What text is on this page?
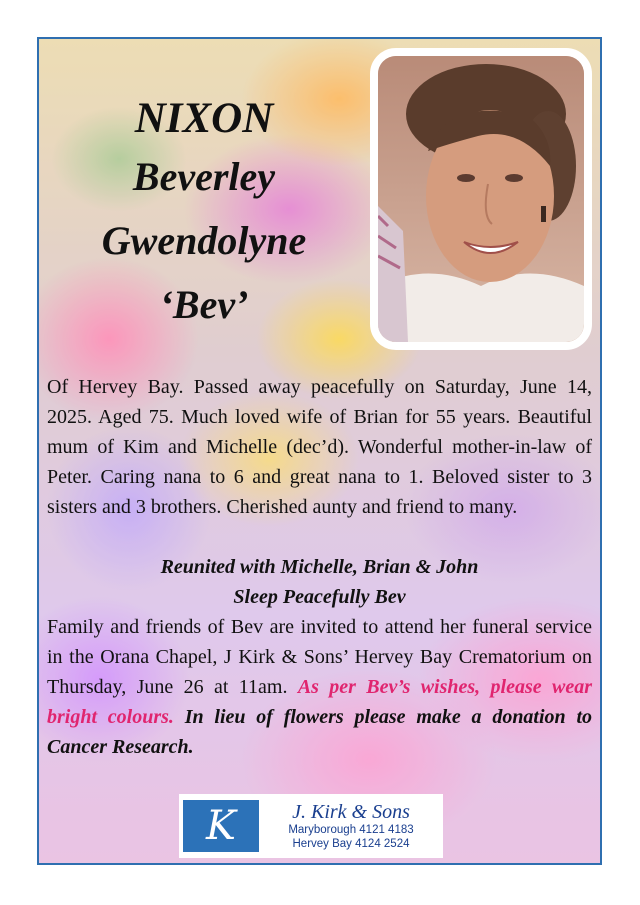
NIXON
Beverley
Gwendolyne
‘Bev’
Of Hervey Bay. Passed away peacefully on Saturday, June 14, 2025. Aged 75. Much loved wife of Brian for 55 years. Beautiful mum of Kim and Michelle (dec’d). Wonderful mother-in-law of Peter. Caring nana to 6 and great nana to 1. Beloved sister to 3 sisters and 3 brothers. Cherished aunty and friend to many.
Reunited with Michelle, Brian & John
Sleep Peacefully Bev
Family and friends of Bev are invited to attend her funeral service in the Orana Chapel, J Kirk & Sons’ Hervey Bay Crematorium on Thursday, June 26 at 11am. As per Bev’s wishes, please wear bright colours. In lieu of flowers please make a donation to Cancer Research.
K	J. Kirk & Sons
Maryborough 4121 4183
Hervey Bay 4124 2524
